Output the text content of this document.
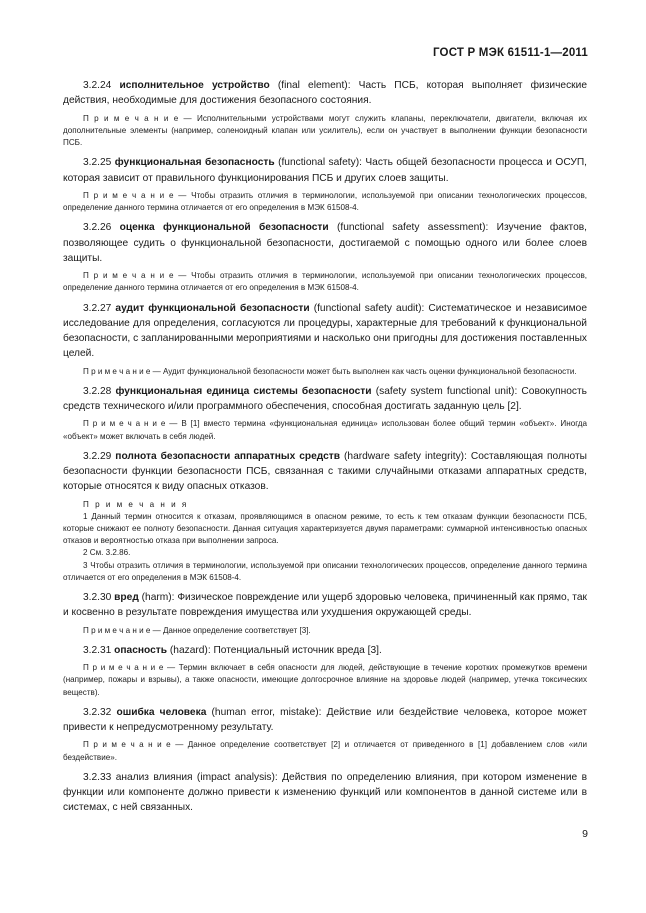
ГОСТ Р МЭК 61511-1—2011

3.2.24 исполнительное устройство (final element): Часть ПСБ, которая выполняет физические действия, необходимые для достижения безопасного состояния.

П р и м е ч а н и е — Исполнительными устройствами могут служить клапаны, переключатели, двигатели, включая их дополнительные элементы (например, соленоидный клапан или усилитель), если он участвует в выполнении функции безопасности ПСБ.

3.2.25 функциональная безопасность (functional safety): Часть общей безопасности процесса и ОСУП, которая зависит от правильного функционирования ПСБ и других слоев защиты.

П р и м е ч а н и е — Чтобы отразить отличия в терминологии, используемой при описании технологических процессов, определение данного термина отличается от его определения в МЭК 61508-4.

3.2.26 оценка функциональной безопасности (functional safety assessment): Изучение фактов, позволяющее судить о функциональной безопасности, достигаемой с помощью одного или более слоев защиты.

П р и м е ч а н и е — Чтобы отразить отличия в терминологии, используемой при описании технологических процессов, определение данного термина отличается от его определения в МЭК 61508-4.

3.2.27 аудит функциональной безопасности (functional safety audit): Систематическое и независимое исследование для определения, согласуются ли процедуры, характерные для требований к функциональной безопасности, с запланированными мероприятиями и насколько они пригодны для достижения поставленных целей.

П р и м е ч а н и е — Аудит функциональной безопасности может быть выполнен как часть оценки функциональной безопасности.

3.2.28 функциональная единица системы безопасности (safety system functional unit): Совокупность средств технического и/или программного обеспечения, способная достигать заданную цель [2].

П р и м е ч а н и е — В [1] вместо термина «функциональная единица» использован более общий термин «объект». Иногда «объект» может включать в себя людей.

3.2.29 полнота безопасности аппаратных средств (hardware safety integrity): Составляющая полноты безопасности функции безопасности ПСБ, связанная с такими случайными отказами аппаратных средств, которые относятся к виду опасных отказов.

П р и м е ч а н и я

1 Данный термин относится к отказам, проявляющимся в опасном режиме, то есть к тем отказам функции безопасности ПСБ, которые снижают ее полноту безопасности. Данная ситуация характеризуется двумя параметрами: суммарной интенсивностью опасных отказов и вероятностью отказа при выполнении запроса.

2 См. 3.2.86.

3 Чтобы отразить отличия в терминологии, используемой при описании технологических процессов, определение данного термина отличается от его определения в МЭК 61508-4.

3.2.30 вред (harm): Физическое повреждение или ущерб здоровью человека, причиненный как прямо, так и косвенно в результате повреждения имущества или ухудшения окружающей среды.

П р и м е ч а н и е — Данное определение соответствует [3].

3.2.31 опасность (hazard): Потенциальный источник вреда [3].

П р и м е ч а н и е — Термин включает в себя опасности для людей, действующие в течение коротких промежутков времени (например, пожары и взрывы), а также опасности, имеющие долгосрочное влияние на здоровье людей (например, утечка токсических веществ).

3.2.32 ошибка человека (human error, mistake): Действие или бездействие человека, которое может привести к непредусмотренному результату.

П р и м е ч а н и е — Данное определение соответствует [2] и отличается от приведенного в [1] добавлением слов «или бездействие».

3.2.33 анализ влияния (impact analysis): Действия по определению влияния, при котором изменение в функции или компоненте должно привести к изменению функций или компонентов в данной системе или в системах, с ней связанных.

9
